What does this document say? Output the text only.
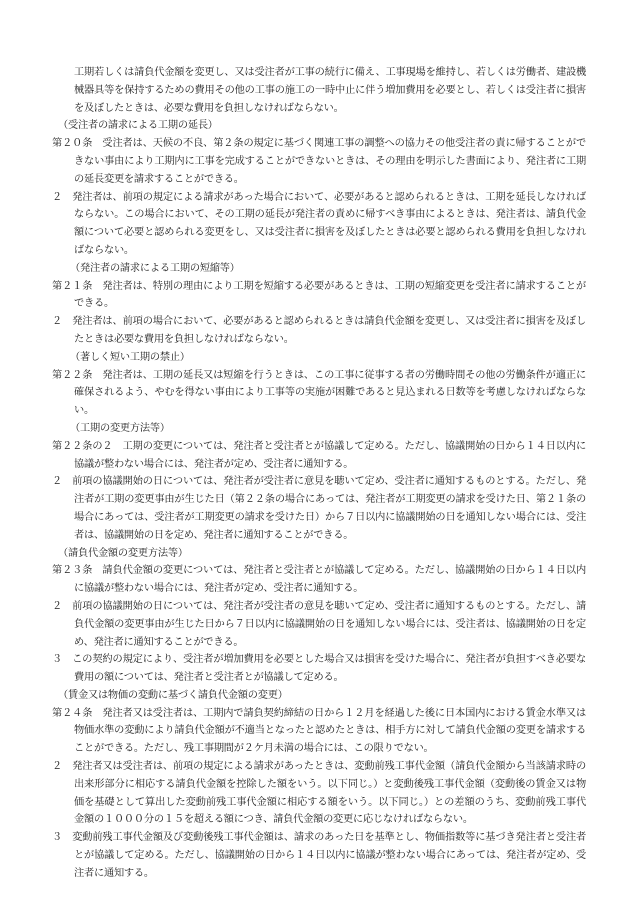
工期若しくは請負代金額を変更し、又は受注者が工事の続行に備え、工事現場を維持し、若しくは労働者、建設機械器具等を保持するための費用その他の工事の施工の一時中止に伴う増加費用を必要とし、若しくは受注者に損害を及ぼしたときは、必要な費用を負担しなければならない。

（受注者の請求による工期の延長）

第２０条　 受注者は、天候の不良、第２条の規定に基づく関連工事の調整への協力その他受注者の責に帰することができない事由により工期内に工事を完成することができないときは、その理由を明示した書面により、発注者に工期の延長変更を請求することができる。

２　 発注者は、前項の規定による請求があった場合において、必要があると認められるときは、工期を延長しなければならない。この場合において、その工期の延長が発注者の責めに帰すべき事由によるときは、発注者は、請負代金額について必要と認められる変更をし、又は受注者に損害を及ぼしたときは必要と認められる費用を負担しなければならない。

（発注者の請求による工期の短縮等）

第２１条　 発注者は、特別の理由により工期を短縮する必要があるときは、工期の短縮変更を受注者に請求することができる。

２　 発注者は、前項の場合において、必要があると認められるときは請負代金額を変更し、又は受注者に損害を及ぼしたときは必要な費用を負担しなければならない。

（著しく短い工期の禁止）

第２２条　 発注者は、工期の延長又は短縮を行うときは、この工事に従事する者の労働時間その他の労働条件が適正に確保されるよう、やむを得ない事由により工事等の実施が困難であると見込まれる日数等を考慮しなければならない。

（工期の変更方法等）

第２２条の２　 工期の変更については、発注者と受注者とが協議して定める。ただし、協議開始の日から１４日以内に協議が整わない場合には、発注者が定め、受注者に通知する。

２　 前項の協議開始の日については、発注者が受注者に意見を聴いて定め、受注者に通知するものとする。ただし、発注者が工期の変更事由が生じた日（第２２条の場合にあっては、発注者が工期変更の請求を受けた日、第２１条の場合にあっては、受注者が工期変更の請求を受けた日）から７日以内に協議開始の日を通知しない場合には、受注者は、協議開始の日を定め、発注者に通知することができる。

（請負代金額の変更方法等）

第２３条　 請負代金額の変更については、発注者と受注者とが協議して定める。ただし、協議開始の日から１４日以内に協議が整わない場合には、発注者が定め、受注者に通知する。

２　 前項の協議開始の日については、発注者が受注者の意見を聴いて定め、受注者に通知するものとする。ただし、請負代金額の変更事由が生じた日から７日以内に協議開始の日を通知しない場合には、受注者は、協議開始の日を定め、発注者に通知することができる。

３　 この契約の規定により、受注者が増加費用を必要とした場合又は損害を受けた場合に、発注者が負担すべき必要な費用の額については、発注者と受注者とが協議して定める。

（賃金又は物価の変動に基づく請負代金額の変更）

第２４条　 発注者又は受注者は、工期内で請負契約締結の日から１２月を経過した後に日本国内における賃金水準又は物価水準の変動により請負代金額が不適当となったと認めたときは、相手方に対して請負代金額の変更を請求することができる。ただし、残工事期間が２ケ月未満の場合には、この限りでない。

２　 発注者又は受注者は、前項の規定による請求があったときは、変動前残工事代金額（請負代金額から当該請求時の出来形部分に相応する請負代金額を控除した額をいう。以下同じ。）と変動後残工事代金額（変動後の賃金又は物価を基礎として算出した変動前残工事代金額に相応する額をいう。以下同じ。）との差額のうち、変動前残工事代金額の１０００分の１５を超える額につき、請負代金額の変更に応じなければならない。

３　 変動前残工事代金額及び変動後残工事代金額は、請求のあった日を基準とし、物価指数等に基づき発注者と受注者とが協議して定める。ただし、協議開始の日から１４日以内に協議が整わない場合にあっては、発注者が定め、受注者に通知する。
